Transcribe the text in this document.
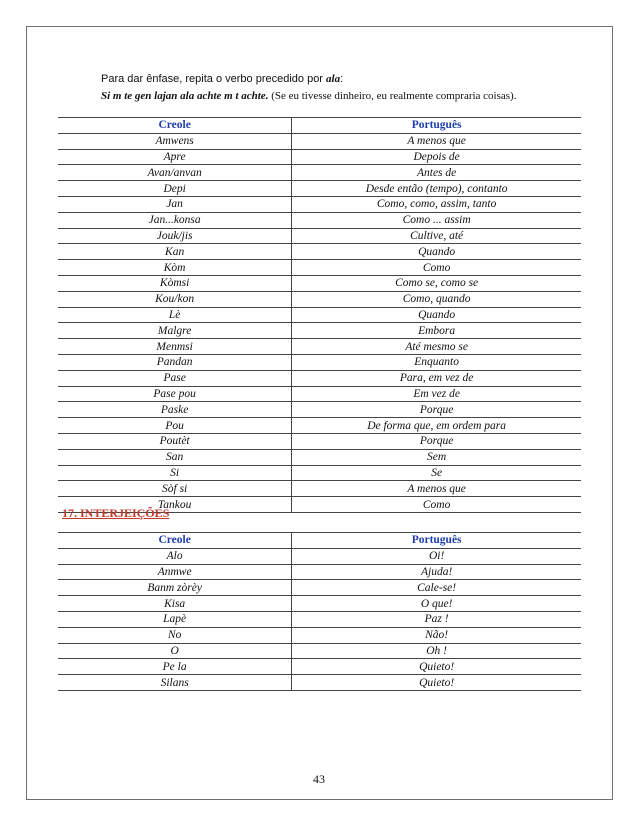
Para dar ênfase, repita o verbo precedido por ala:
Si m te gen lajan ala achte m t achte. (Se eu tivesse dinheiro, eu realmente compraria coisas).
Creole	Português
Amwens	A menos que
Apre	Depois de
Avan/anvan	Antes de
Depi	Desde então (tempo), contanto
Jan	Como, como, assim, tanto
Jan...konsa	Como ... assim
Jouk/jis	Cultive, até
Kan	Quando
Kòm	Como
Kòmsi	Como se, como se
Kou/kon	Como, quando
Lè	Quando
Malgre	Embora
Menmsi	Até mesmo se
Pandan	Enquanto
Pase	Para, em vez de
Pase pou	Em vez de
Paske	Porque
Pou	De forma que, em ordem para
Poutèt	Porque
San	Sem
Si	Se
Sòf si	A menos que
Tankou	Como
17. INTERJEIÇÕES
Creole	Português
Alo	Oi!
Anmwe	Ajuda!
Banm zòrèy	Cale-se!
Kisa	O que!
Lapè	Paz !
No	Não!
O	Oh !
Pe la	Quieto!
Silans	Quieto!
43
